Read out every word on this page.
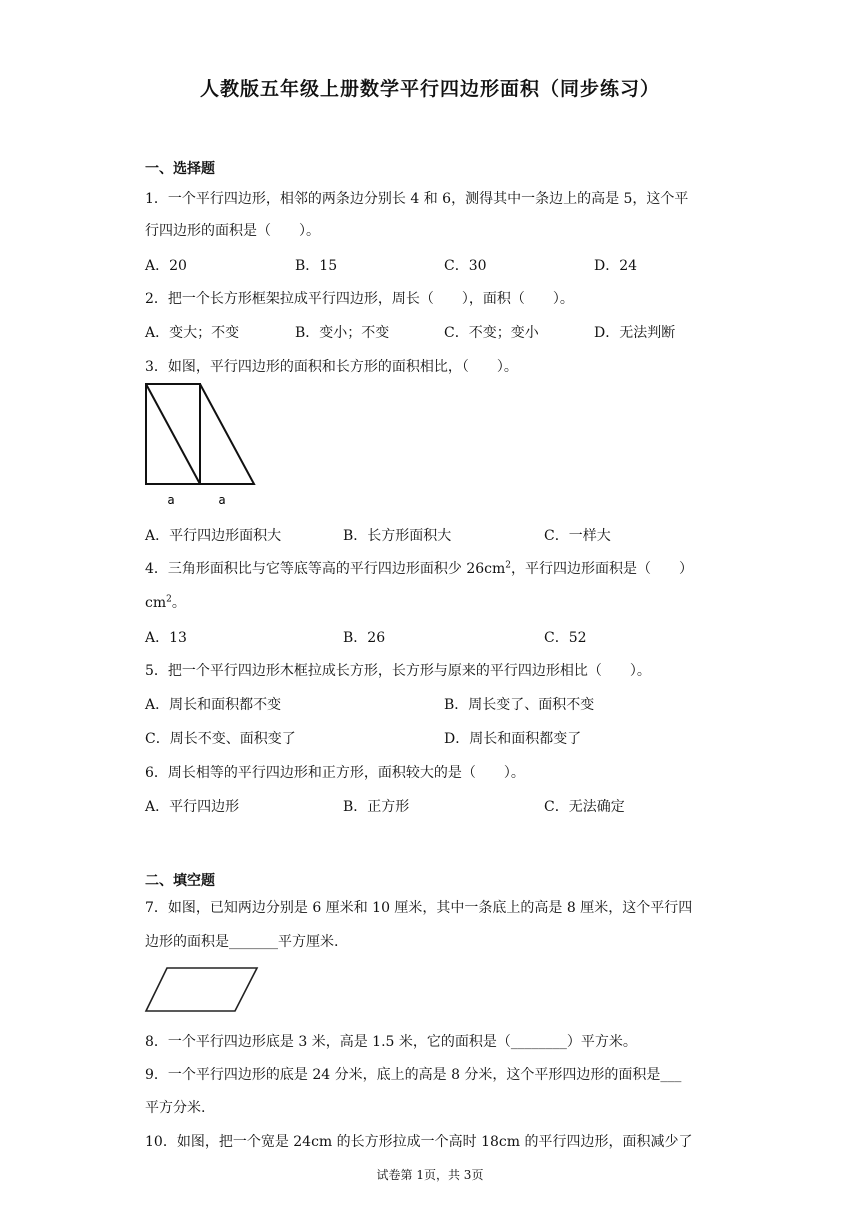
人教版五年级上册数学平行四边形面积（同步练习）
一、选择题
1．一个平行四边形，相邻的两条边分别长 4 和 6，测得其中一条边上的高是 5，这个平
行四边形的面积是（　　）。
A．20	B．15	C．30	D．24
2．把一个长方形框架拉成平行四边形，周长（　　），面积（　　）。
A．变大；不变	B．变小；不变	C．不变；变小	D．无法判断
3．如图，平行四边形的面积和长方形的面积相比，（　　）。
a	a
A．平行四边形面积大	B．长方形面积大	C．一样大
4．三角形面积比与它等底等高的平行四边形面积少 $26cm^2$，平行四边形面积是（　　）
$cm^2$。
A．13	B．26	C．52
5．把一个平行四边形木框拉成长方形，长方形与原来的平行四边形相比（　　）。
A．周长和面积都不变	B．周长变了、面积不变
C．周长不变、面积变了	D．周长和面积都变了
6．周长相等的平行四边形和正方形，面积较大的是（　　）。
A．平行四边形	B．正方形	C．无法确定
二、填空题
7．如图，已知两边分别是 6 厘米和 10 厘米，其中一条底上的高是 8 厘米，这个平行四
边形的面积是_______平方厘米.
8．一个平行四边形底是 3 米，高是 1.5 米，它的面积是（________）平方米。
9．一个平行四边形的底是 24 分米，底上的高是 8 分米，这个平形四边形的面积是___
平方分米.
10．如图，把一个宽是 24cm 的长方形拉成一个高时 18cm 的平行四边形，面积减少了
试卷第 1页，共 3页
